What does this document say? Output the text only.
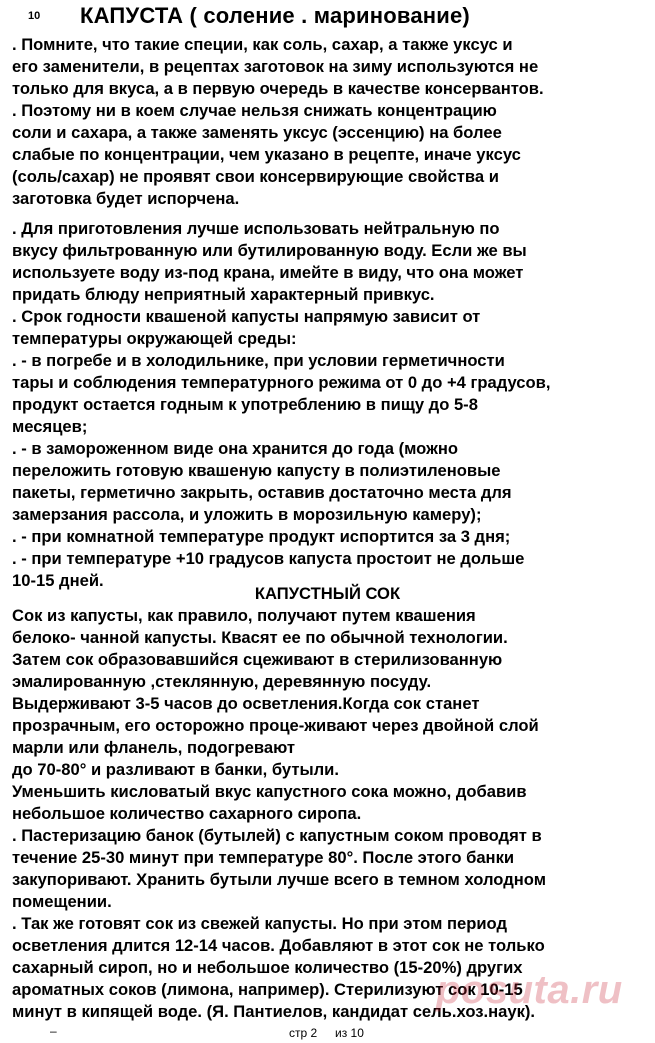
10 КАПУСТА ( соление . маринование)
. Помните, что такие специи, как соль, сахар, а также уксус и
его заменители, в рецептах заготовок на зиму используются не
только для вкуса, а в первую очередь в качестве консервантов.
. Поэтому ни в коем случае нельзя снижать концентрацию
соли и сахара, а также заменять уксус (эссенцию) на более
слабые по концентрации, чем указано в рецепте, иначе уксус
(соль/сахар) не проявят свои консервирующие свойства и
заготовка будет испорчена.
. Для приготовления лучше использовать нейтральную по
вкусу фильтрованную или бутилированную воду. Если же вы
используете воду из-под крана, имейте в виду, что она может
придать блюду неприятный характерный привкус.
. Срок годности квашеной капусты напрямую зависит от
температуры окружающей среды:
. - в погребе и в холодильнике, при условии герметичности
тары и соблюдения температурного режима от 0 до +4 градусов,
продукт остается годным к употреблению в пищу до 5-8
месяцев;
. - в замороженном виде она хранится до года (можно
переложить готовую квашеную капусту в полиэтиленовые
пакеты, герметично закрыть, оставив достаточно места для
замерзания рассола, и уложить в морозильную камеру);
. - при комнатной температуре продукт испортится за 3 дня;
. - при температуре +10 градусов капуста простоит не дольше
10-15 дней.
КАПУСТНЫЙ СОК
Сок из капусты, как правило, получают путем квашения
белоко- чанной капусты. Квасят ее по обычной технологии.
Затем сок образовавшийся сцеживают в стерилизованную
эмалированную ,стеклянную, деревянную посуду.
Выдерживают 3-5 часов до осветления.Когда сок станет
прозрачным, его осторожно проце-живают через двойной слой
марли или фланель, подогревают
до 70-80° и разливают в банки, бутыли.
Уменьшить кисловатый вкус капустного сока можно, добавив
небольшое количество сахарного сиропа.
. Пастеризацию банок (бутылей) с капустным соком проводят в
течение 25-30 минут при температуре 80°. После этого банки
закупоривают. Хранить бутыли лучше всего в темном холодном
помещении.
. Так же готовят сок из свежей капусты. Но при этом период
осветления длится 12-14 часов. Добавляют в этот сок не только
сахарный сироп, но и небольшое количество (15-20%) других
ароматных соков (лимона, например). Стерилизуют сок 10-15
минут в кипящей воде. (Я. Пантиелов, кандидат сель.хоз.наук).
–	стр 2 из 10
posuta.ru
